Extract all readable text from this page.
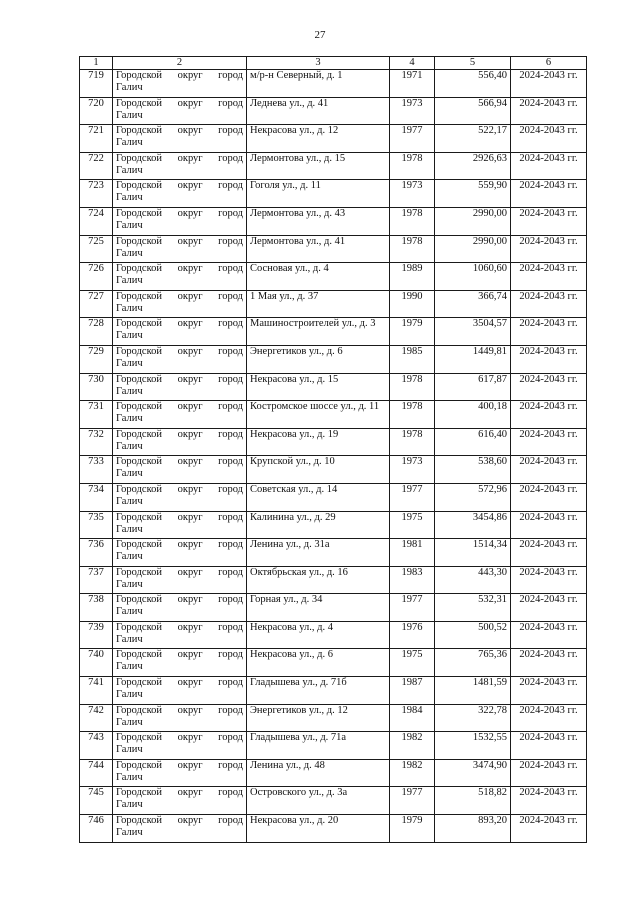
27
1	2	3	4	5	6
719	Городской округ город Галич	м/р-н Северный, д. 1	1971	556,40	2024-2043 гг.
720	Городской округ город Галич	Леднева ул., д. 41	1973	566,94	2024-2043 гг.
721	Городской округ город Галич	Некрасова ул., д. 12	1977	522,17	2024-2043 гг.
722	Городской округ город Галич	Лермонтова ул., д. 15	1978	2926,63	2024-2043 гг.
723	Городской округ город Галич	Гоголя ул., д. 11	1973	559,90	2024-2043 гг.
724	Городской округ город Галич	Лермонтова ул., д. 43	1978	2990,00	2024-2043 гг.
725	Городской округ город Галич	Лермонтова ул., д. 41	1978	2990,00	2024-2043 гг.
726	Городской округ город Галич	Сосновая ул., д. 4	1989	1060,60	2024-2043 гг.
727	Городской округ город Галич	1 Мая ул., д. 37	1990	366,74	2024-2043 гг.
728	Городской округ город Галич	Машиностроителей ул., д. 3	1979	3504,57	2024-2043 гг.
729	Городской округ город Галич	Энергетиков ул., д. 6	1985	1449,81	2024-2043 гг.
730	Городской округ город Галич	Некрасова ул., д. 15	1978	617,87	2024-2043 гг.
731	Городской округ город Галич	Костромское шоссе ул., д. 11	1978	400,18	2024-2043 гг.
732	Городской округ город Галич	Некрасова ул., д. 19	1978	616,40	2024-2043 гг.
733	Городской округ город Галич	Крупской ул., д. 10	1973	538,60	2024-2043 гг.
734	Городской округ город Галич	Советская ул., д. 14	1977	572,96	2024-2043 гг.
735	Городской округ город Галич	Калинина ул., д. 29	1975	3454,86	2024-2043 гг.
736	Городской округ город Галич	Ленина ул., д. 31а	1981	1514,34	2024-2043 гг.
737	Городской округ город Галич	Октябрьская ул., д. 16	1983	443,30	2024-2043 гг.
738	Городской округ город Галич	Горная ул., д. 34	1977	532,31	2024-2043 гг.
739	Городской округ город Галич	Некрасова ул., д. 4	1976	500,52	2024-2043 гг.
740	Городской округ город Галич	Некрасова ул., д. 6	1975	765,36	2024-2043 гг.
741	Городской округ город Галич	Гладышева ул., д. 71б	1987	1481,59	2024-2043 гг.
742	Городской округ город Галич	Энергетиков ул., д. 12	1984	322,78	2024-2043 гг.
743	Городской округ город Галич	Гладышева ул., д. 71а	1982	1532,55	2024-2043 гг.
744	Городской округ город Галич	Ленина ул., д. 48	1982	3474,90	2024-2043 гг.
745	Городской округ город Галич	Островского ул., д. 3а	1977	518,82	2024-2043 гг.
746	Городской округ город Галич	Некрасова ул., д. 20	1979	893,20	2024-2043 гг.
